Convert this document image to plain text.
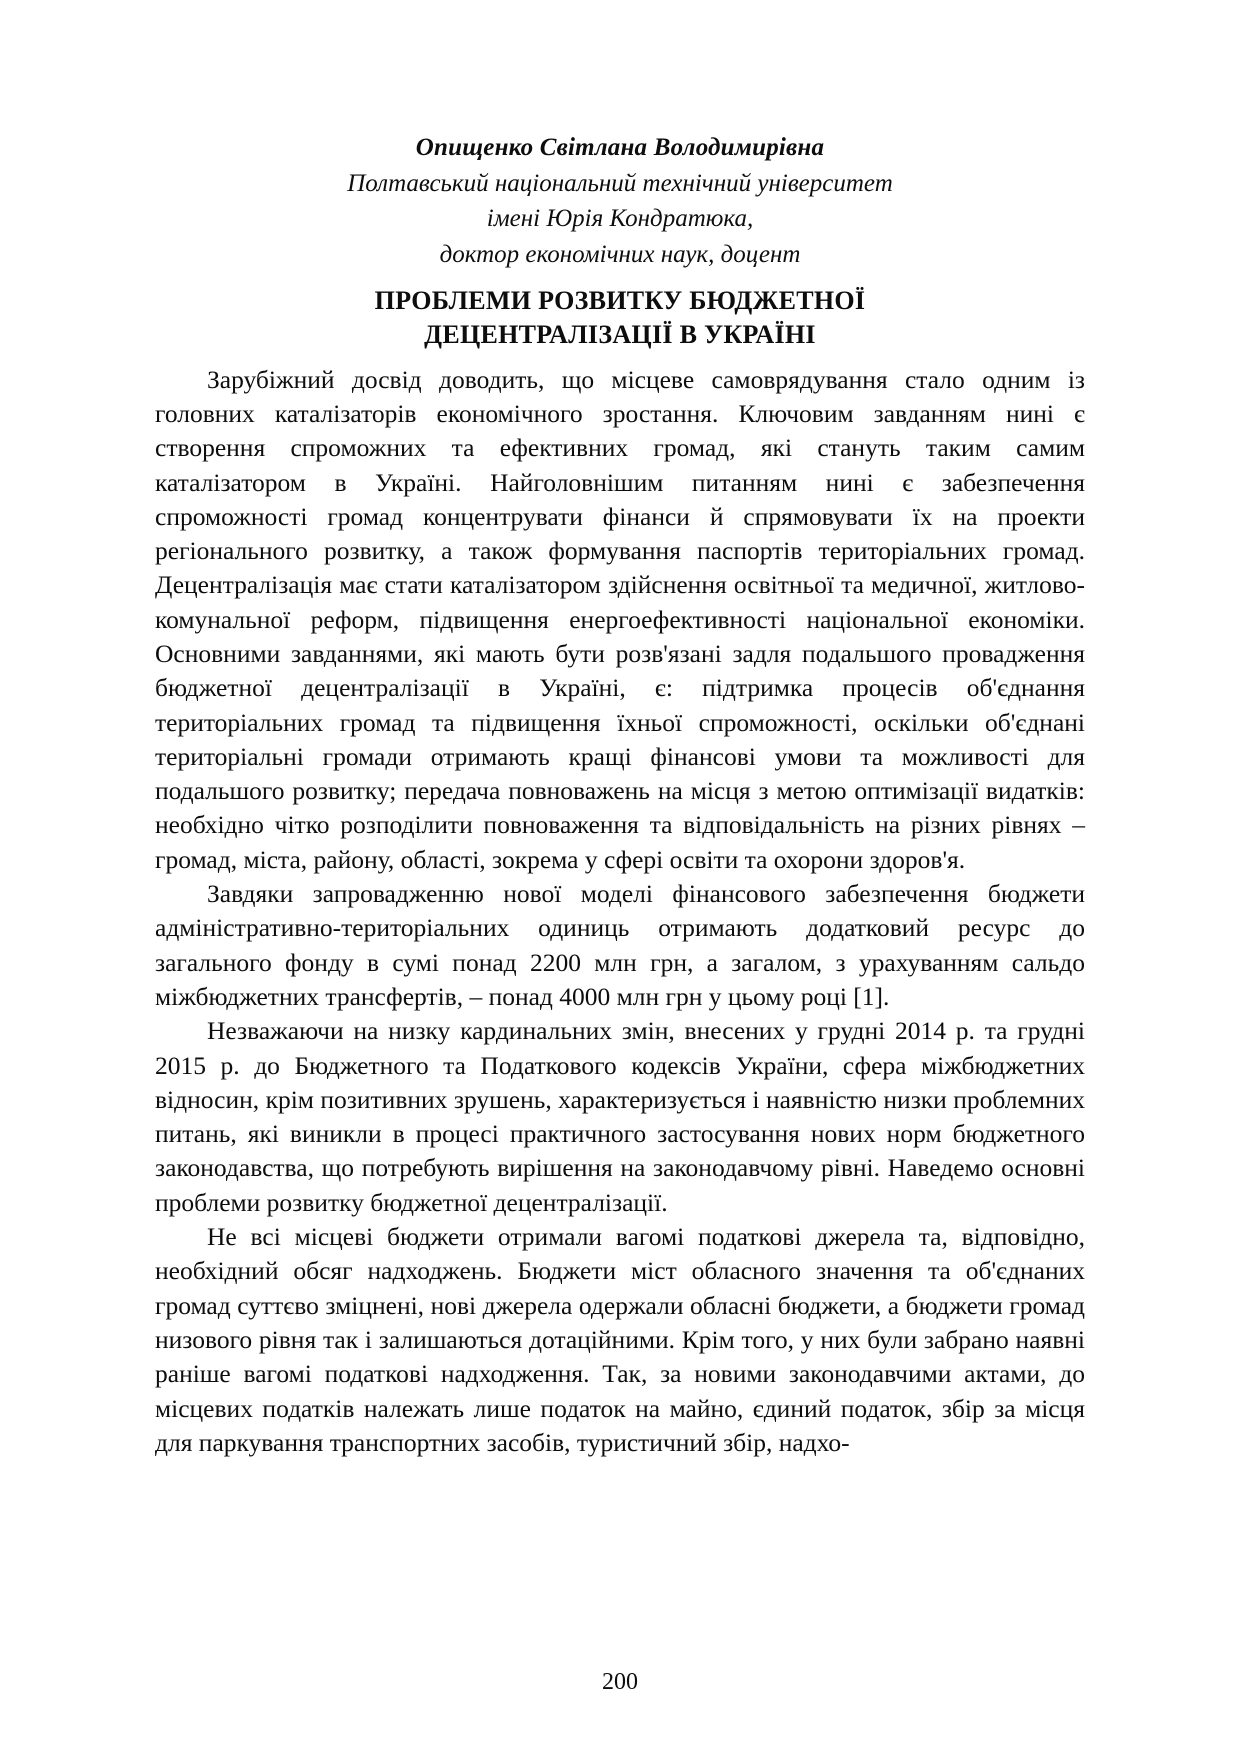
Опищенко Світлана Володимирівна
Полтавський національний технічний університет
імені Юрія Кондратюка,
доктор економічних наук, доцент
ПРОБЛЕМИ РОЗВИТКУ БЮДЖЕТНОЇ
ДЕЦЕНТРАЛІЗАЦІЇ В УКРАЇНІ

Зарубіжний досвід доводить, що місцеве самоврядування стало одним із головних каталізаторів економічного зростання. Ключовим завданням нині є створення спроможних та ефективних громад, які стануть таким самим каталізатором в Україні. Найголовнішим питанням нині є забезпечення спроможності громад концентрувати фінанси й спрямовувати їх на проекти регіонального розвитку, а також формування паспортів територіальних громад. Децентралізація має стати каталізатором здійснення освітньої та медичної, житлово-комунальної реформ, підвищення енергоефективності національної економіки. Основними завданнями, які мають бути розв'язані задля подальшого провадження бюджетної децентралізації в Україні, є: підтримка процесів об'єднання територіальних громад та підвищення їхньої спроможності, оскільки об'єднані територіальні громади отримають кращі фінансові умови та можливості для подальшого розвитку; передача повноважень на місця з метою оптимізації видатків: необхідно чітко розподілити повноваження та відповідальність на різних рівнях – громад, міста, району, області, зокрема у сфері освіти та охорони здоров'я.

Завдяки запровадженню нової моделі фінансового забезпечення бюджети адміністративно-територіальних одиниць отримають додатковий ресурс до загального фонду в сумі понад 2200 млн грн, а загалом, з урахуванням сальдо міжбюджетних трансфертів, – понад 4000 млн грн у цьому році [1].

Незважаючи на низку кардинальних змін, внесених у грудні 2014 р. та грудні 2015 р. до Бюджетного та Податкового кодексів України, сфера міжбюджетних відносин, крім позитивних зрушень, характеризується і наявністю низки проблемних питань, які виникли в процесі практичного застосування нових норм бюджетного законодавства, що потребують вирішення на законодавчому рівні. Наведемо основні проблеми розвитку бюджетної децентралізації.

Не всі місцеві бюджети отримали вагомі податкові джерела та, відповідно, необхідний обсяг надходжень. Бюджети міст обласного значення та об'єднаних громад суттєво зміцнені, нові джерела одержали обласні бюджети, а бюджети громад низового рівня так і залишаються дотаційними. Крім того, у них були забрано наявні раніше вагомі податкові надходження. Так, за новими законодавчими актами, до місцевих податків належать лише податок на майно, єдиний податок, збір за місця для паркування транспортних засобів, туристичний збір, надхо-

200
